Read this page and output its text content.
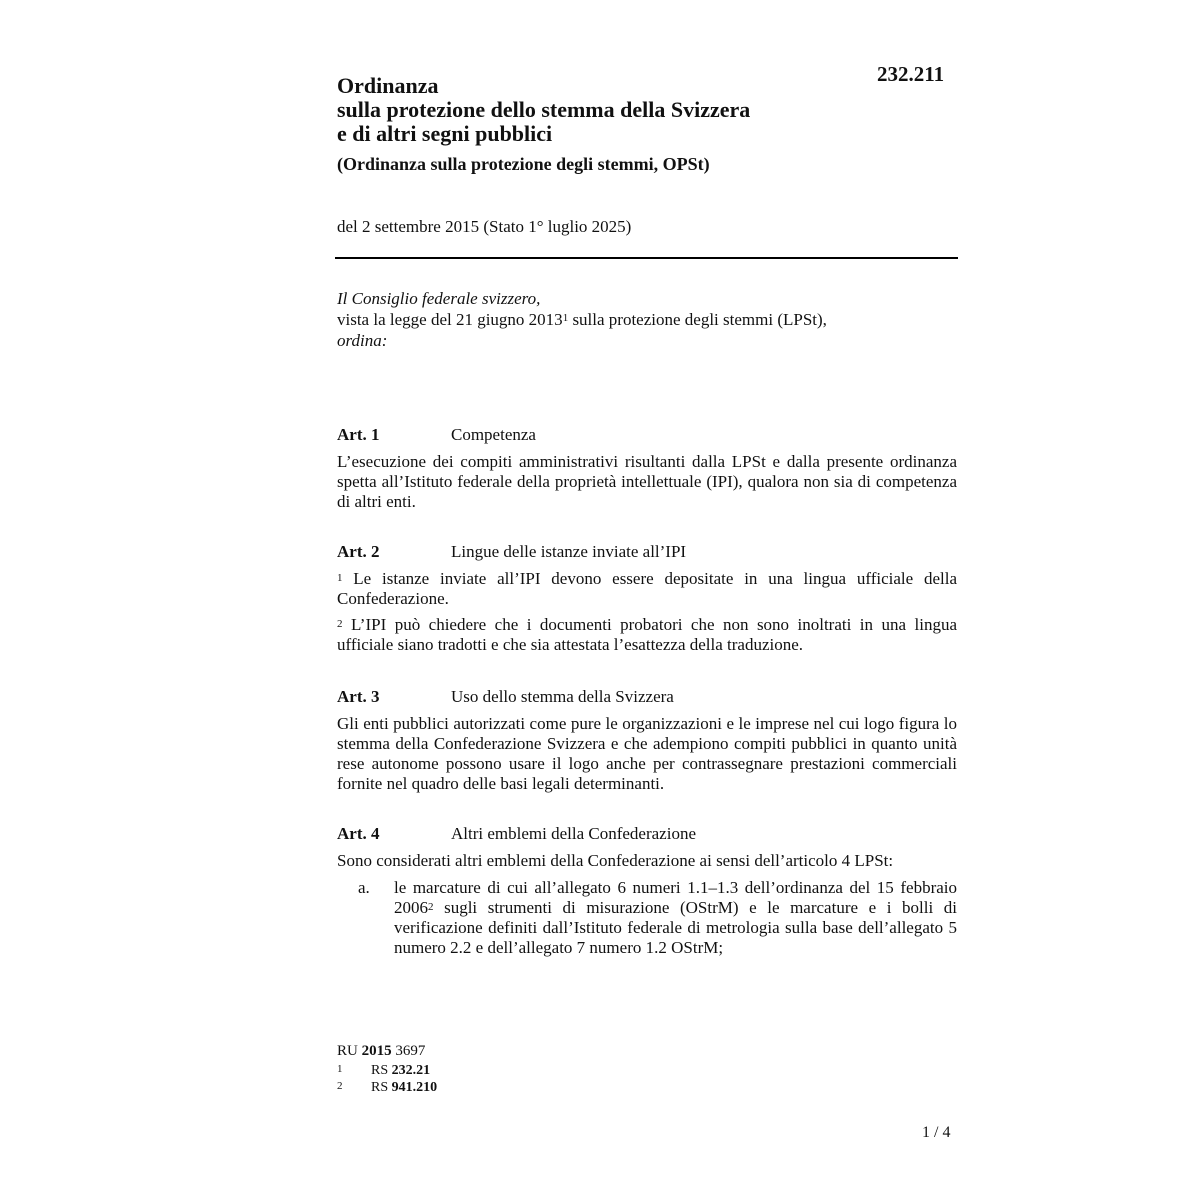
232.211
Ordinanza
sulla protezione dello stemma della Svizzera
e di altri segni pubblici
(Ordinanza sulla protezione degli stemmi, OPSt)
del 2 settembre 2015 (Stato 1° luglio 2025)
Il Consiglio federale svizzero,
vista la legge del 21 giugno 2013$^1$ sulla protezione degli stemmi (LPSt),
ordina:
Art. 1	Competenza
L’esecuzione dei compiti amministrativi risultanti dalla LPSt e dalla presente ordinanza spetta all’Istituto federale della proprietà intellettuale (IPI), qualora non sia di competenza di altri enti.
Art. 2	Lingue delle istanze inviate all’IPI
$^1$ Le istanze inviate all’IPI devono essere depositate in una lingua ufficiale della Confederazione.
$^2$ L’IPI può chiedere che i documenti probatori che non sono inoltrati in una lingua ufficiale siano tradotti e che sia attestata l’esattezza della traduzione.
Art. 3	Uso dello stemma della Svizzera
Gli enti pubblici autorizzati come pure le organizzazioni e le imprese nel cui logo figura lo stemma della Confederazione Svizzera e che adempiono compiti pubblici in quanto unità rese autonome possono usare il logo anche per contrassegnare prestazioni commerciali fornite nel quadro delle basi legali determinanti.
Art. 4	Altri emblemi della Confederazione
Sono considerati altri emblemi della Confederazione ai sensi dell’articolo 4 LPSt:
a.	le marcature di cui all’allegato 6 numeri 1.1–1.3 dell’ordinanza del 15 febbraio 2006$^2$ sugli strumenti di misurazione (OStrM) e le marcature e i bolli di verificazione definiti dall’Istituto federale di metrologia sulla base dell’allegato 5 numero 2.2 e dell’allegato 7 numero 1.2 OStrM;
RU 2015 3697
1	RS 232.21
2	RS 941.210
1 / 4
